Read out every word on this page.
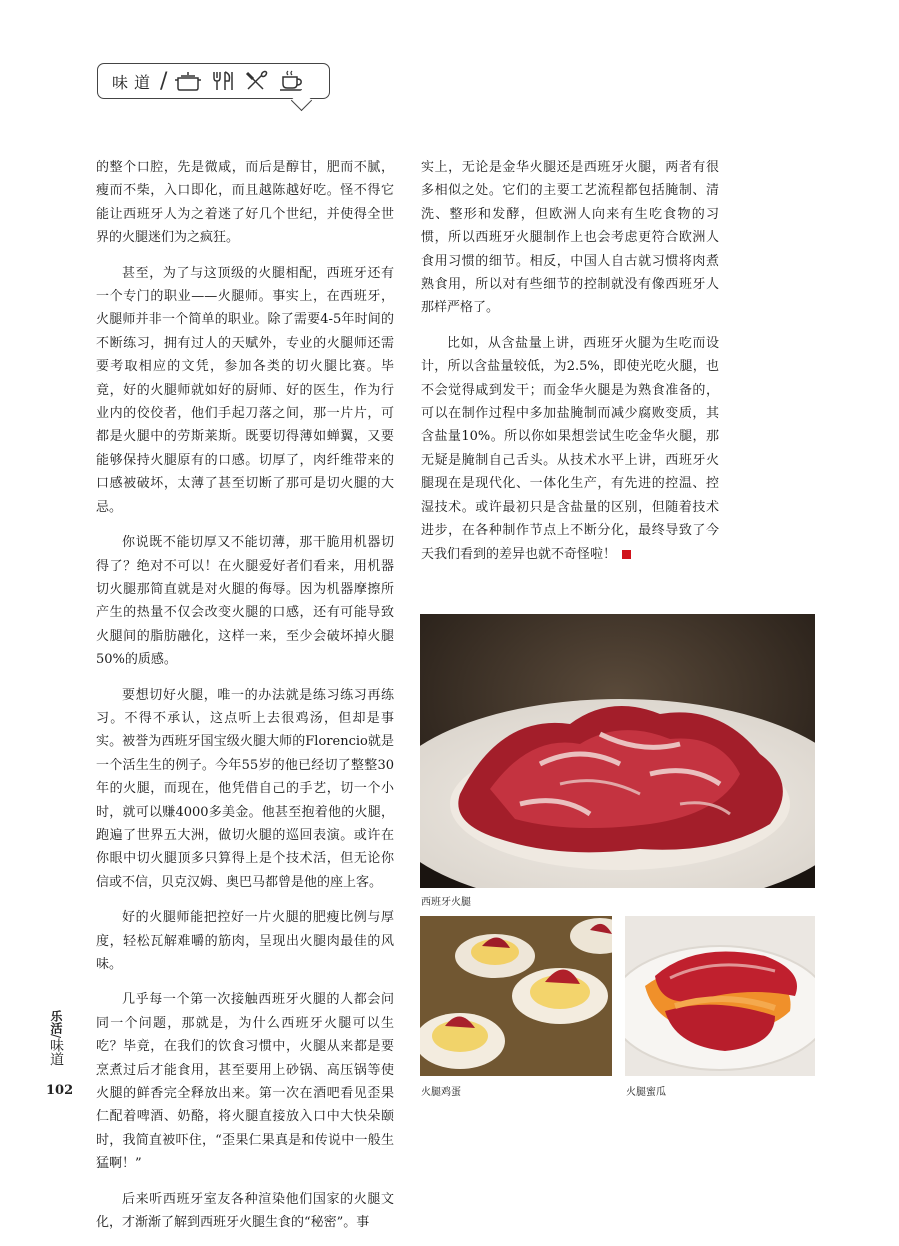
味道 /

的整个口腔，先是微咸，而后是醇甘，肥而不腻，瘦而不柴，入口即化，而且越陈越好吃。怪不得它能让西班牙人为之着迷了好几个世纪，并使得全世界的火腿迷们为之疯狂。

甚至，为了与这顶级的火腿相配，西班牙还有一个专门的职业——火腿师。事实上，在西班牙，火腿师并非一个简单的职业。除了需要4-5年时间的不断练习，拥有过人的天赋外，专业的火腿师还需要考取相应的文凭，参加各类的切火腿比赛。毕竟，好的火腿师就如好的厨师、好的医生，作为行业内的佼佼者，他们手起刀落之间，那一片片，可都是火腿中的劳斯莱斯。既要切得薄如蝉翼，又要能够保持火腿原有的口感。切厚了，肉纤维带来的口感被破坏，太薄了甚至切断了那可是切火腿的大忌。

你说既不能切厚又不能切薄，那干脆用机器切得了？绝对不可以！在火腿爱好者们看来，用机器切火腿那简直就是对火腿的侮辱。因为机器摩擦所产生的热量不仅会改变火腿的口感，还有可能导致火腿间的脂肪融化，这样一来，至少会破坏掉火腿50%的质感。

要想切好火腿，唯一的办法就是练习练习再练习。不得不承认，这点听上去很鸡汤，但却是事实。被誉为西班牙国宝级火腿大师的Florencio就是一个活生生的例子。今年55岁的他已经切了整整30年的火腿，而现在，他凭借自己的手艺，切一个小时，就可以赚4000多美金。他甚至抱着他的火腿，跑遍了世界五大洲，做切火腿的巡回表演。或许在你眼中切火腿顶多只算得上是个技术活，但无论你信或不信，贝克汉姆、奥巴马都曾是他的座上客。

好的火腿师能把控好一片火腿的肥瘦比例与厚度，轻松瓦解难嚼的筋肉，呈现出火腿肉最佳的风味。

几乎每一个第一次接触西班牙火腿的人都会问同一个问题，那就是，为什么西班牙火腿可以生吃？毕竟，在我们的饮食习惯中，火腿从来都是要烹煮过后才能食用，甚至要用上砂锅、高压锅等使火腿的鲜香完全释放出来。第一次在酒吧看见歪果仁配着啤酒、奶酪，将火腿直接放入口中大快朵颐时，我简直被吓住，“歪果仁果真是和传说中一般生猛啊！”

后来听西班牙室友各种渲染他们国家的火腿文化，才渐渐了解到西班牙火腿生食的“秘密”。事

实上，无论是金华火腿还是西班牙火腿，两者有很多相似之处。它们的主要工艺流程都包括腌制、清洗、整形和发酵，但欧洲人向来有生吃食物的习惯，所以西班牙火腿制作上也会考虑更符合欧洲人食用习惯的细节。相反，中国人自古就习惯将肉煮熟食用，所以对有些细节的控制就没有像西班牙人那样严格了。

比如，从含盐量上讲，西班牙火腿为生吃而设计，所以含盐量较低，为2.5%，即使光吃火腿，也不会觉得咸到发干；而金华火腿是为熟食准备的，可以在制作过程中多加盐腌制而减少腐败变质，其含盐量10%。所以你如果想尝试生吃金华火腿，那无疑是腌制自己舌头。从技术水平上讲，西班牙火腿现在是现代化、一体化生产，有先进的控温、控湿技术。或许最初只是含盐量的区别，但随着技术进步，在各种制作节点上不断分化，最终导致了今天我们看到的差异也就不奇怪啦！

西班牙火腿
火腿鸡蛋	火腿蜜瓜
乐活/味道
102
